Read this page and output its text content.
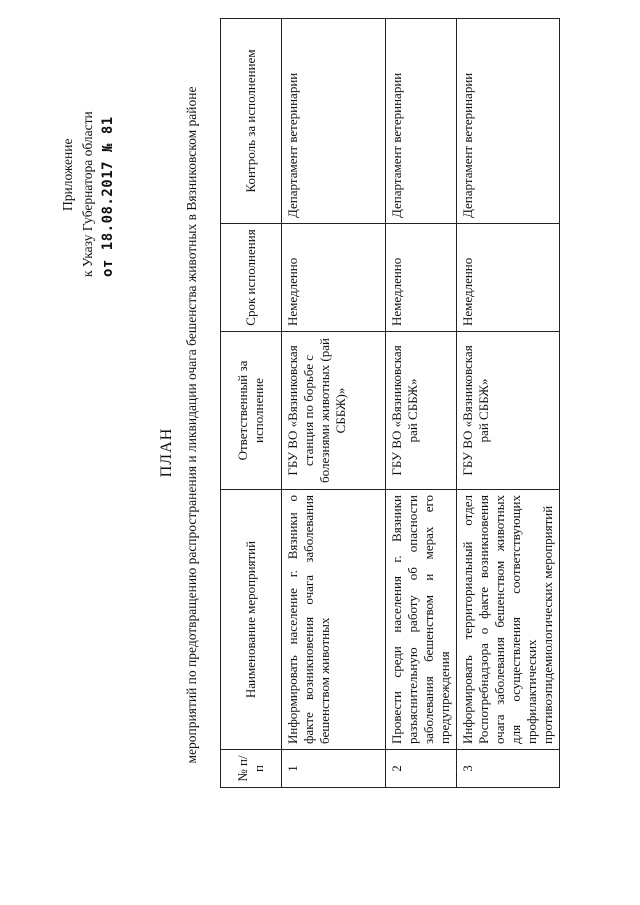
Приложение к Указу Губернатора области от 18.08.2017 № 81
ПЛАН мероприятий по предотвращению распространения и ликвидации очага бешенства животных в Вязниковском районе
№ п/п	Наименование мероприятий	Ответственный за исполнение	Срок исполнения	Контроль за исполнением
1	Информировать население г. Вязники о факте возникновения очага заболевания бешенством животных	ГБУ ВО «Вязниковская станция по борьбе с болезнями животных (рай СББЖ)»	Немедленно	Департамент ветеринарии
2	Провести среди населения г. Вязники разъяснительную работу об опасности заболевания бешенством и мерах его предупреждения	ГБУ ВО «Вязниковская рай СББЖ»	Немедленно	Департамент ветеринарии
3	Информировать территориальный отдел Роспотребнадзора о факте возникновения очага заболевания бешенством животных для осуществления соответствующих профилактических противоэпидемиологических мероприятий	ГБУ ВО «Вязниковская рай СББЖ»	Немедленно	Департамент ветеринарии
